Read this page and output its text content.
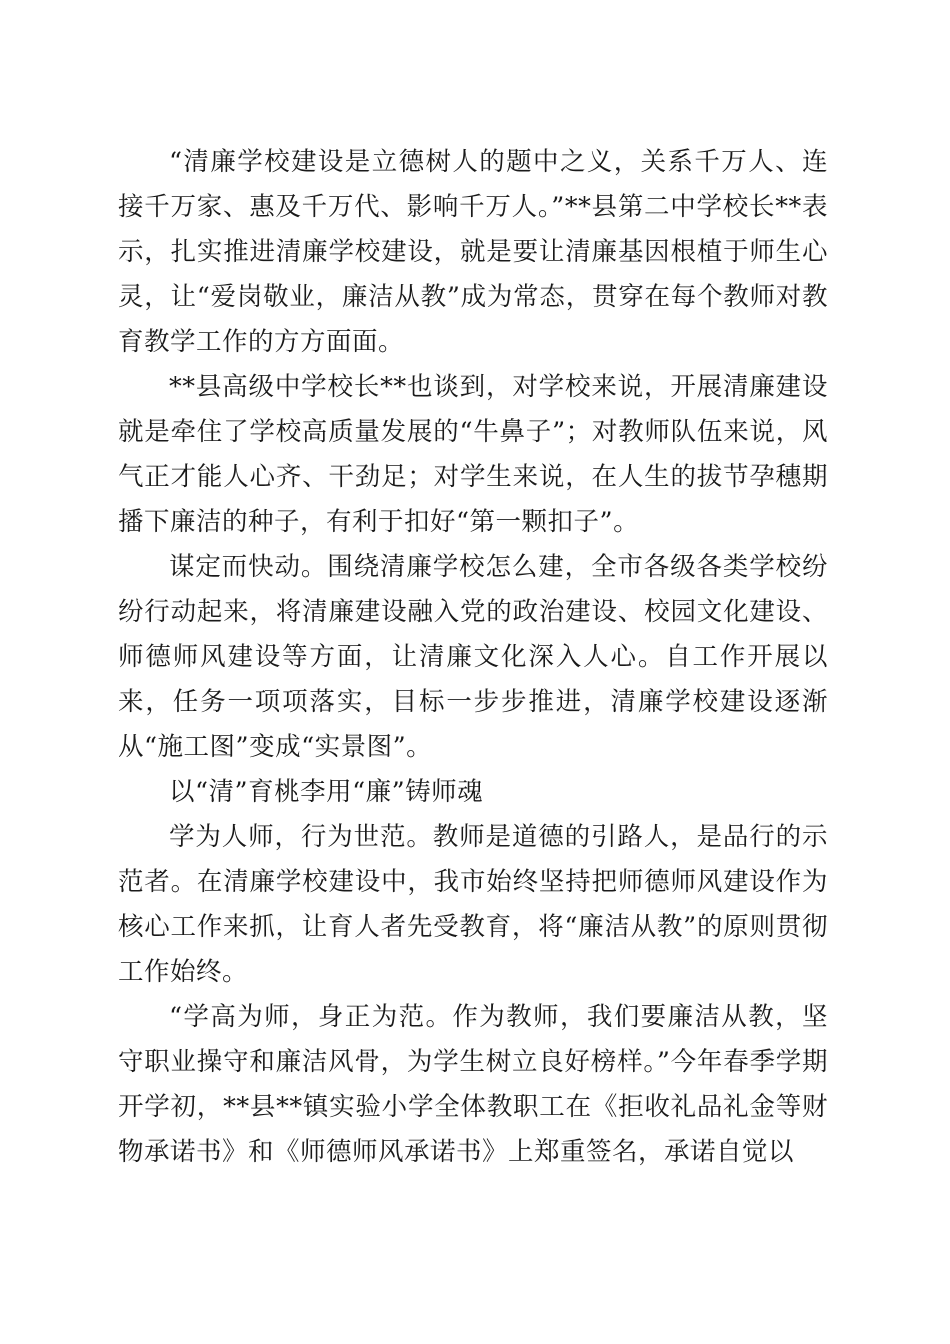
“清廉学校建设是立德树人的题中之义，关系千万人、连接千万家、惠及千万代、影响千万人。”**县第二中学校长**表示，扎实推进清廉学校建设，就是要让清廉基因根植于师生心灵，让“爱岗敬业，廉洁从教”成为常态，贯穿在每个教师对教育教学工作的方方面面。

**县高级中学校长**也谈到，对学校来说，开展清廉建设就是牵住了学校高质量发展的“牛鼻子”；对教师队伍来说，风气正才能人心齐、干劲足；对学生来说，在人生的拔节孕穗期播下廉洁的种子，有利于扣好“第一颗扣子”。

谋定而快动。围绕清廉学校怎么建，全市各级各类学校纷纷行动起来，将清廉建设融入党的政治建设、校园文化建设、师德师风建设等方面，让清廉文化深入人心。自工作开展以来，任务一项项落实，目标一步步推进，清廉学校建设逐渐从“施工图”变成“实景图”。

以“清”育桃李用“廉”铸师魂

学为人师，行为世范。教师是道德的引路人，是品行的示范者。在清廉学校建设中，我市始终坚持把师德师风建设作为核心工作来抓，让育人者先受教育，将“廉洁从教”的原则贯彻工作始终。

“学高为师，身正为范。作为教师，我们要廉洁从教，坚守职业操守和廉洁风骨，为学生树立良好榜样。”今年春季学期开学初，**县**镇实验小学全体教职工在《拒收礼品礼金等财物承诺书》和《师德师风承诺书》上郑重签名，承诺自觉以
